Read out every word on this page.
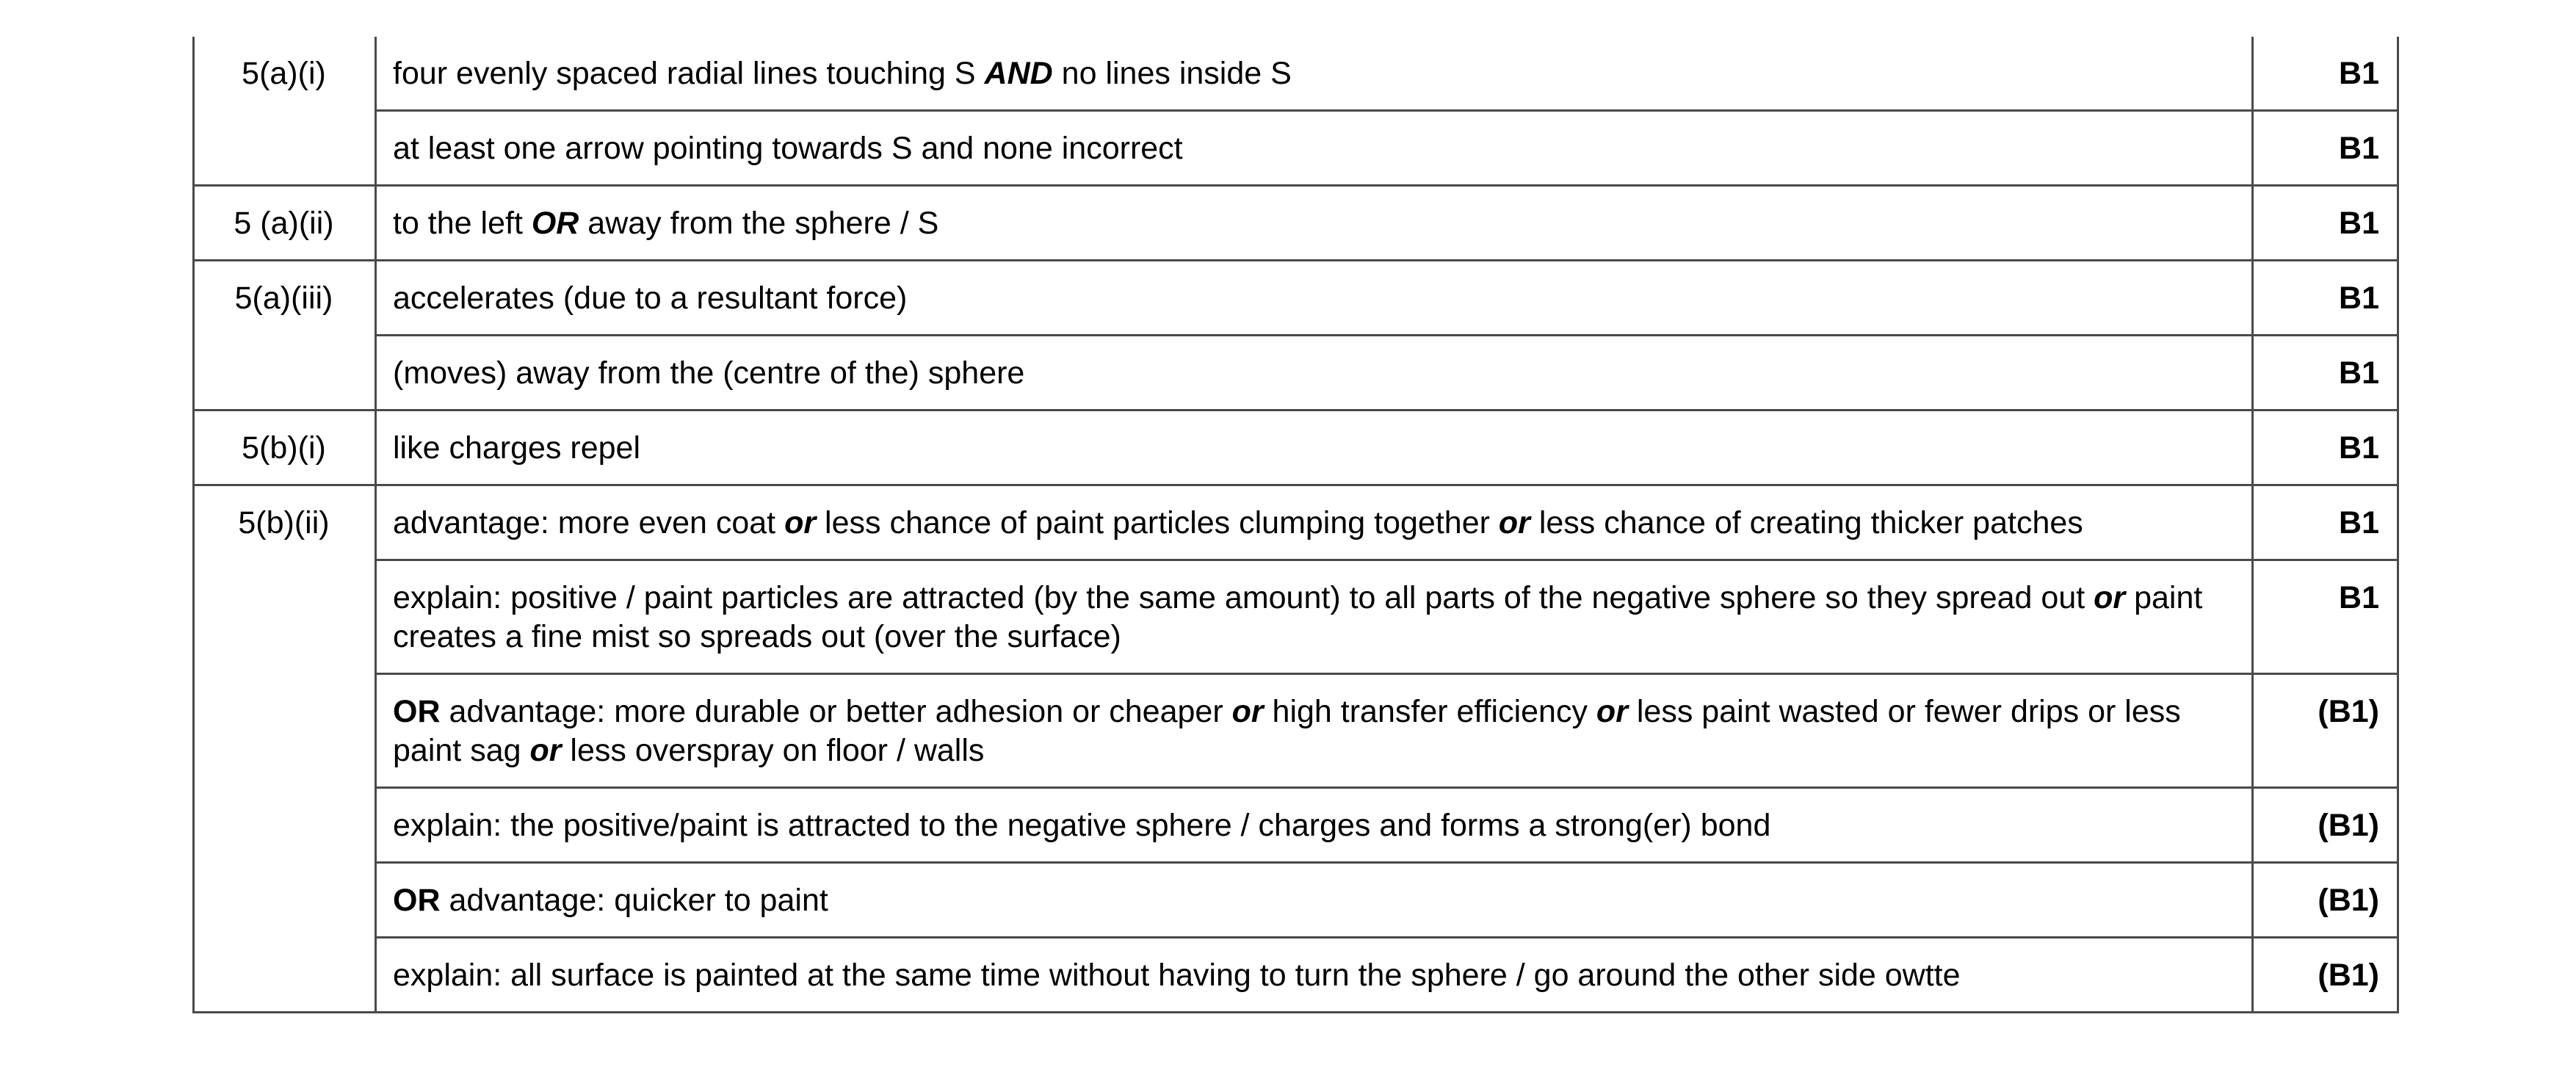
5(a)(i)	four evenly spaced radial lines touching S AND no lines inside S	B1
	at least one arrow pointing towards S and none incorrect	B1
5 (a)(ii)	to the left OR away from the sphere / S	B1
5(a)(iii)	accelerates (due to a resultant force)	B1
	(moves) away from the (centre of the) sphere	B1
5(b)(i)	like charges repel	B1
5(b)(ii)	advantage: more even coat or less chance of paint particles clumping together or less chance of creating thicker patches	B1
	explain: positive / paint particles are attracted (by the same amount) to all parts of the negative sphere so they spread out or paint creates a fine mist so spreads out (over the surface)	B1
	OR advantage: more durable or better adhesion or cheaper or high transfer efficiency or less paint wasted or fewer drips or less paint sag or less overspray on floor / walls	(B1)
	explain: the positive/paint is attracted to the negative sphere / charges and forms a strong(er) bond	(B1)
	OR advantage: quicker to paint	(B1)
	explain: all surface is painted at the same time without having to turn the sphere / go around the other side owtte	(B1)
